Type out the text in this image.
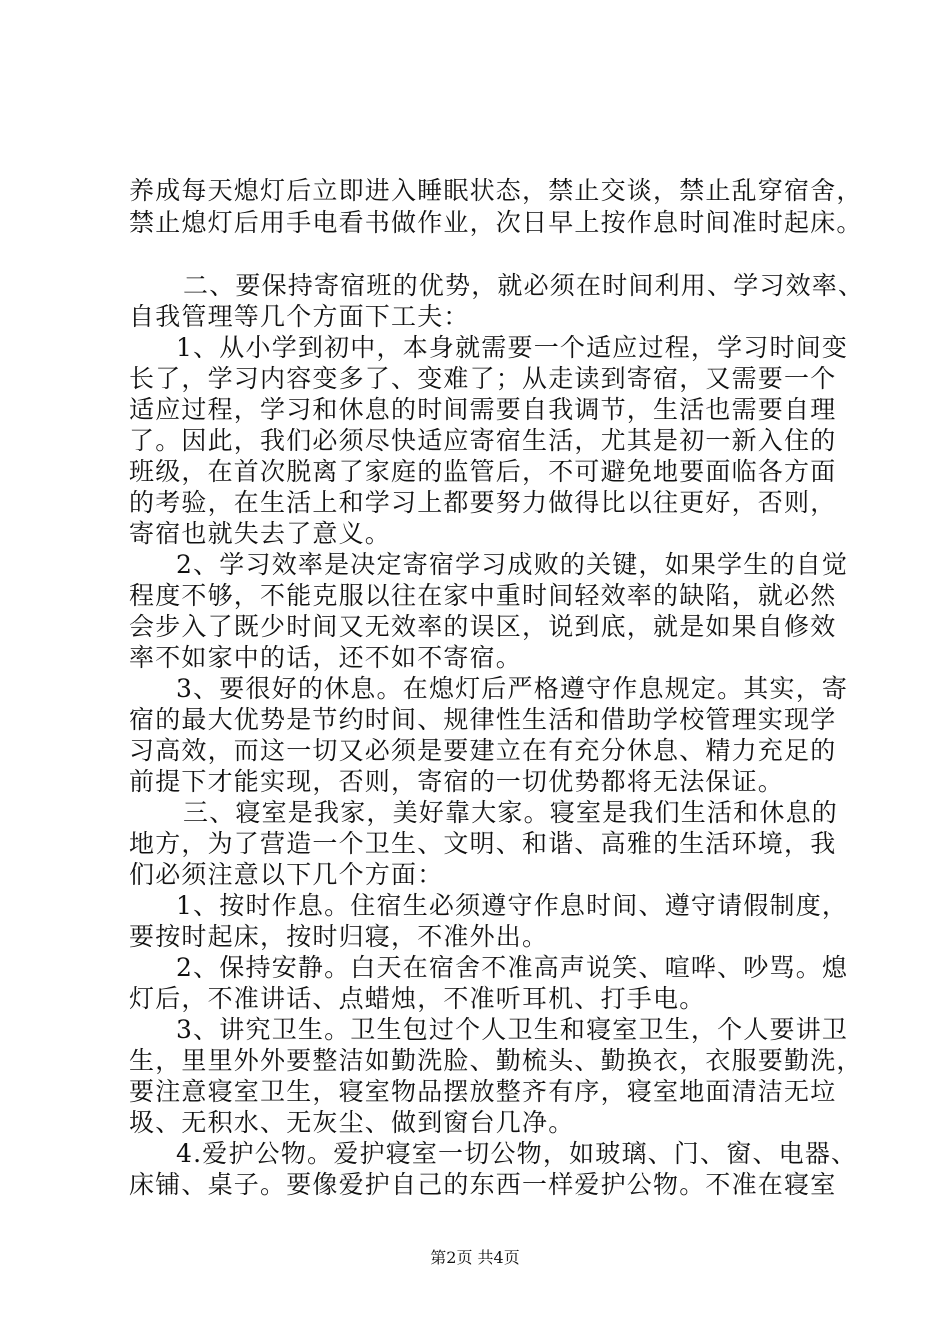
养成每天熄灯后立即进入睡眠状态，禁止交谈，禁止乱穿宿舍，
禁止熄灯后用手电看书做作业，次日早上按作息时间准时起床。
二、要保持寄宿班的优势，就必须在时间利用、学习效率、
自我管理等几个方面下工夫：
1、从小学到初中，本身就需要一个适应过程，学习时间变
长了，学习内容变多了、变难了；从走读到寄宿，又需要一个
适应过程，学习和休息的时间需要自我调节，生活也需要自理
了。因此，我们必须尽快适应寄宿生活，尤其是初一新入住的
班级，在首次脱离了家庭的监管后，不可避免地要面临各方面
的考验，在生活上和学习上都要努力做得比以往更好，否则，
寄宿也就失去了意义。
2、学习效率是决定寄宿学习成败的关键，如果学生的自觉
程度不够，不能克服以往在家中重时间轻效率的缺陷，就必然
会步入了既少时间又无效率的误区，说到底，就是如果自修效
率不如家中的话，还不如不寄宿。
3、要很好的休息。在熄灯后严格遵守作息规定。其实，寄
宿的最大优势是节约时间、规律性生活和借助学校管理实现学
习高效，而这一切又必须是要建立在有充分休息、精力充足的
前提下才能实现，否则，寄宿的一切优势都将无法保证。
三、寝室是我家，美好靠大家。寝室是我们生活和休息的
地方，为了营造一个卫生、文明、和谐、高雅的生活环境，我
们必须注意以下几个方面：
1、按时作息。住宿生必须遵守作息时间、遵守请假制度，
要按时起床，按时归寝，不准外出。
2、保持安静。白天在宿舍不准高声说笑、喧哗、吵骂。熄
灯后，不准讲话、点蜡烛，不准听耳机、打手电。
3、讲究卫生。卫生包过个人卫生和寝室卫生，个人要讲卫
生，里里外外要整洁如勤洗脸、勤梳头、勤换衣，衣服要勤洗，
要注意寝室卫生，寝室物品摆放整齐有序，寝室地面清洁无垃
圾、无积水、无灰尘、做到窗台几净。
4.爱护公物。爱护寝室一切公物，如玻璃、门、窗、电器、
床铺、桌子。要像爱护自己的东西一样爱护公物。不准在寝室
第2页 共4页
